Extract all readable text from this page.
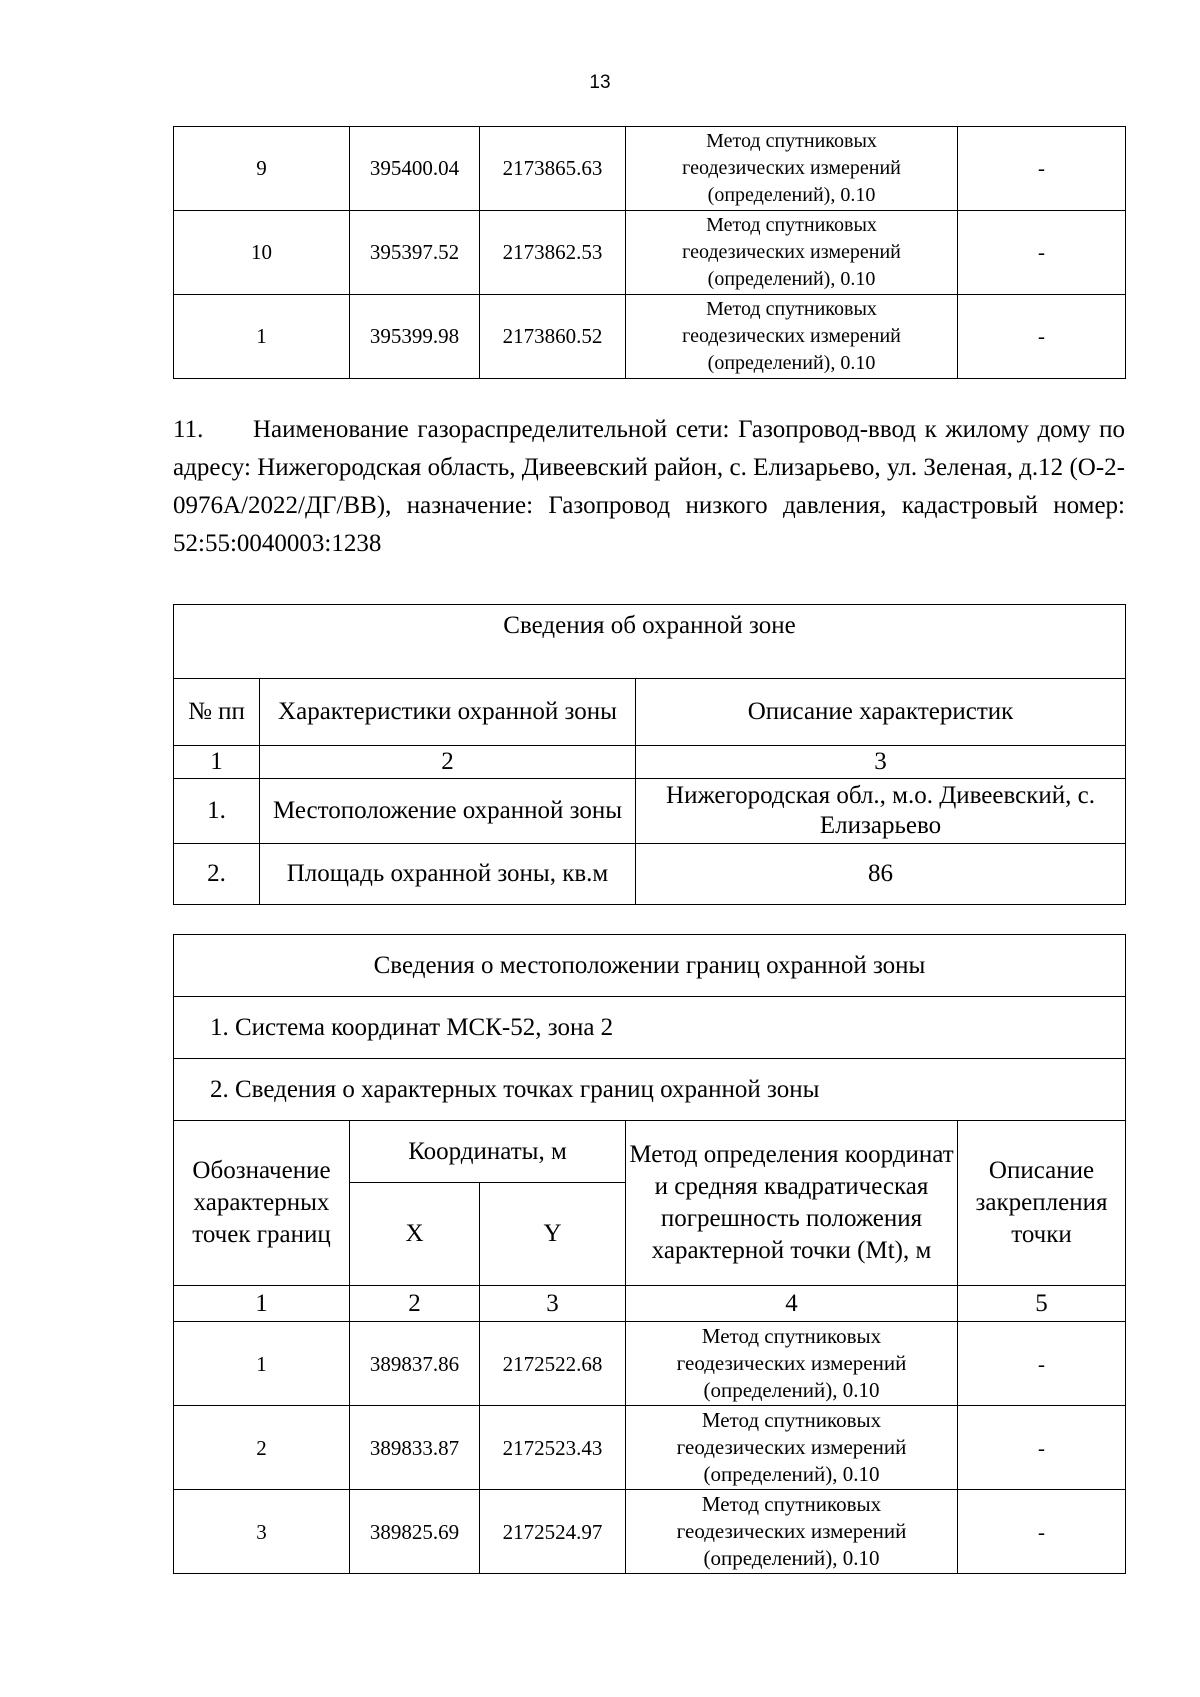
13
9	395400.04	2173865.63	Метод спутниковых
геодезических измерений
(определений), 0.10	-
10	395397.52	2173862.53	Метод спутниковых
геодезических измерений
(определений), 0.10	-
1	395399.98	2173860.52	Метод спутниковых
геодезических измерений
(определений), 0.10	-
11. Наименование газораспределительной сети: Газопровод-ввод к жилому дому по адресу: Нижегородская область, Дивеевский район, с. Елизарьево, ул. Зеленая, д.12 (О-2-0976А/2022/ДГ/ВВ), назначение: Газопровод низкого давления, кадастровый номер: 52:55:0040003:1238
Сведения об охранной зоне		
№ пп	Характеристики охранной зоны	Описание характеристик
1	2	3
1.	Местоположение охранной зоны	Нижегородская обл., м.о. Дивеевский, с. Елизарьево
2.	Площадь охранной зоны, кв.м	86
Сведения о местоположении границ охранной зоны				
1. Система координат МСК-52, зона 2				
2. Сведения о характерных точках границ охранной зоны				
Обозначение характерных точек границ	Координаты, м		Метод определения координат и средняя квадратическая погрешность положения характерной точки (Mt), м	Описание закрепления точки
	X	Y		
1	2	3	4	5
1	389837.86	2172522.68	Метод спутниковых
геодезических измерений
(определений), 0.10	-
2	389833.87	2172523.43	Метод спутниковых
геодезических измерений
(определений), 0.10	-
3	389825.69	2172524.97	Метод спутниковых
геодезических измерений
(определений), 0.10	-
